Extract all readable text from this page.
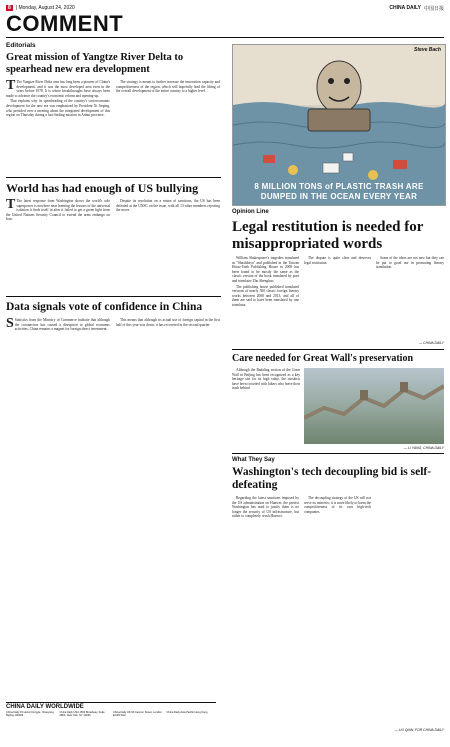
8	| Monday, August 24, 2020	CHINA DAILY 中国日报
COMMENT
Editorials
Great mission of Yangtze River Delta to spearhead new era development

T The Yangtze River Delta area has long been a pioneer of China's development, and it was the most developed area even in the years before 1978. It is where breakthroughs have always been made to advance the country's economic reform and opening-up.

That explains why its spearheading of the country's socioeconomic development for the new era was emphasized by President Xi Jinping, who presided over a meeting about the integrated development of this region on Thursday during a fact-finding mission in Anhui province.

The strategy is meant to further increase the innovation capacity and competitiveness of the region, which will hopefully lead the lifting of the overall development of the entire country to a higher level.

World has had enough of US bullying

T The latest response from Washington shows the world's sole superpower is nowhere near learning the lessons of the universal isolation it finds itself in after it failed to get a green light from the United Nations Security Council to extend the arms embargo on Iran.

Despite its resolution on a return of sanctions, the US has been defeated at the UNSC on the issue, with all 13 other members rejecting the move.

Data signals vote of confidence in China

S Statistics from the Ministry of Commerce indicate that although the coronavirus has caused a disruption to global economic activities, China remains a magnet for foreign direct investment.

This means that although its actual use of foreign capital in the first half of this year was down, it has recovered in the second quarter.

CHINA DAILY WORLDWIDE
China Daily 15 Huixin Dongjie, Chaoyang, Beijing 100029
China Daily USA 1500 Broadway, Suite 2800, New York, NY 10036
China Daily UK 90 Cannon Street, London EC4N 6HA
China Daily Asia Pacific Hong Kong
Steve Bach
8 MILLION TONS of PLASTIC TRASH ARE
DUMPED IN THE OCEAN EVERY YEAR
Opinion Line
Legal restitution is needed for misappropriated words

William Shakespeare's tragedies translated as "Shashibiya" and published in the Taiwan Hsiao-Yueh Publishing House in 2008 has been found to be mostly the same as the classic version of the book translated by poet and translator Zhu Shenghao.

The publishing house published translated versions of nearly 500 classic foreign literary works between 2008 and 2013, and all of them are said to have been translated by one translator.

The dispute is quite clear and deserves legal restitution.

Some of the ideas are not new but they can be put to good use in promoting literary translation.

— CHINA DAILY
Care needed for Great Wall's preservation

Although the Badaling section of the Great Wall in Beijing has been recognized as a key heritage site for its high value, the outskirts have been crowded with hikers who leave their trash behind.

— LI YANG, CHINA DAILY
What They Say
Washington's tech decoupling bid is self-defeating

Regarding the latest sanctions imposed by the US administration on Huawei, the pretext Washington has used to justify them is no longer the security of US infrastructure, but rather to completely crush Huawei.

The decoupling strategy of the US will not serve its interests; it is more likely to harm the competitiveness of its own high-tech companies.

— LIU QIAN, FOR CHINA DAILY
